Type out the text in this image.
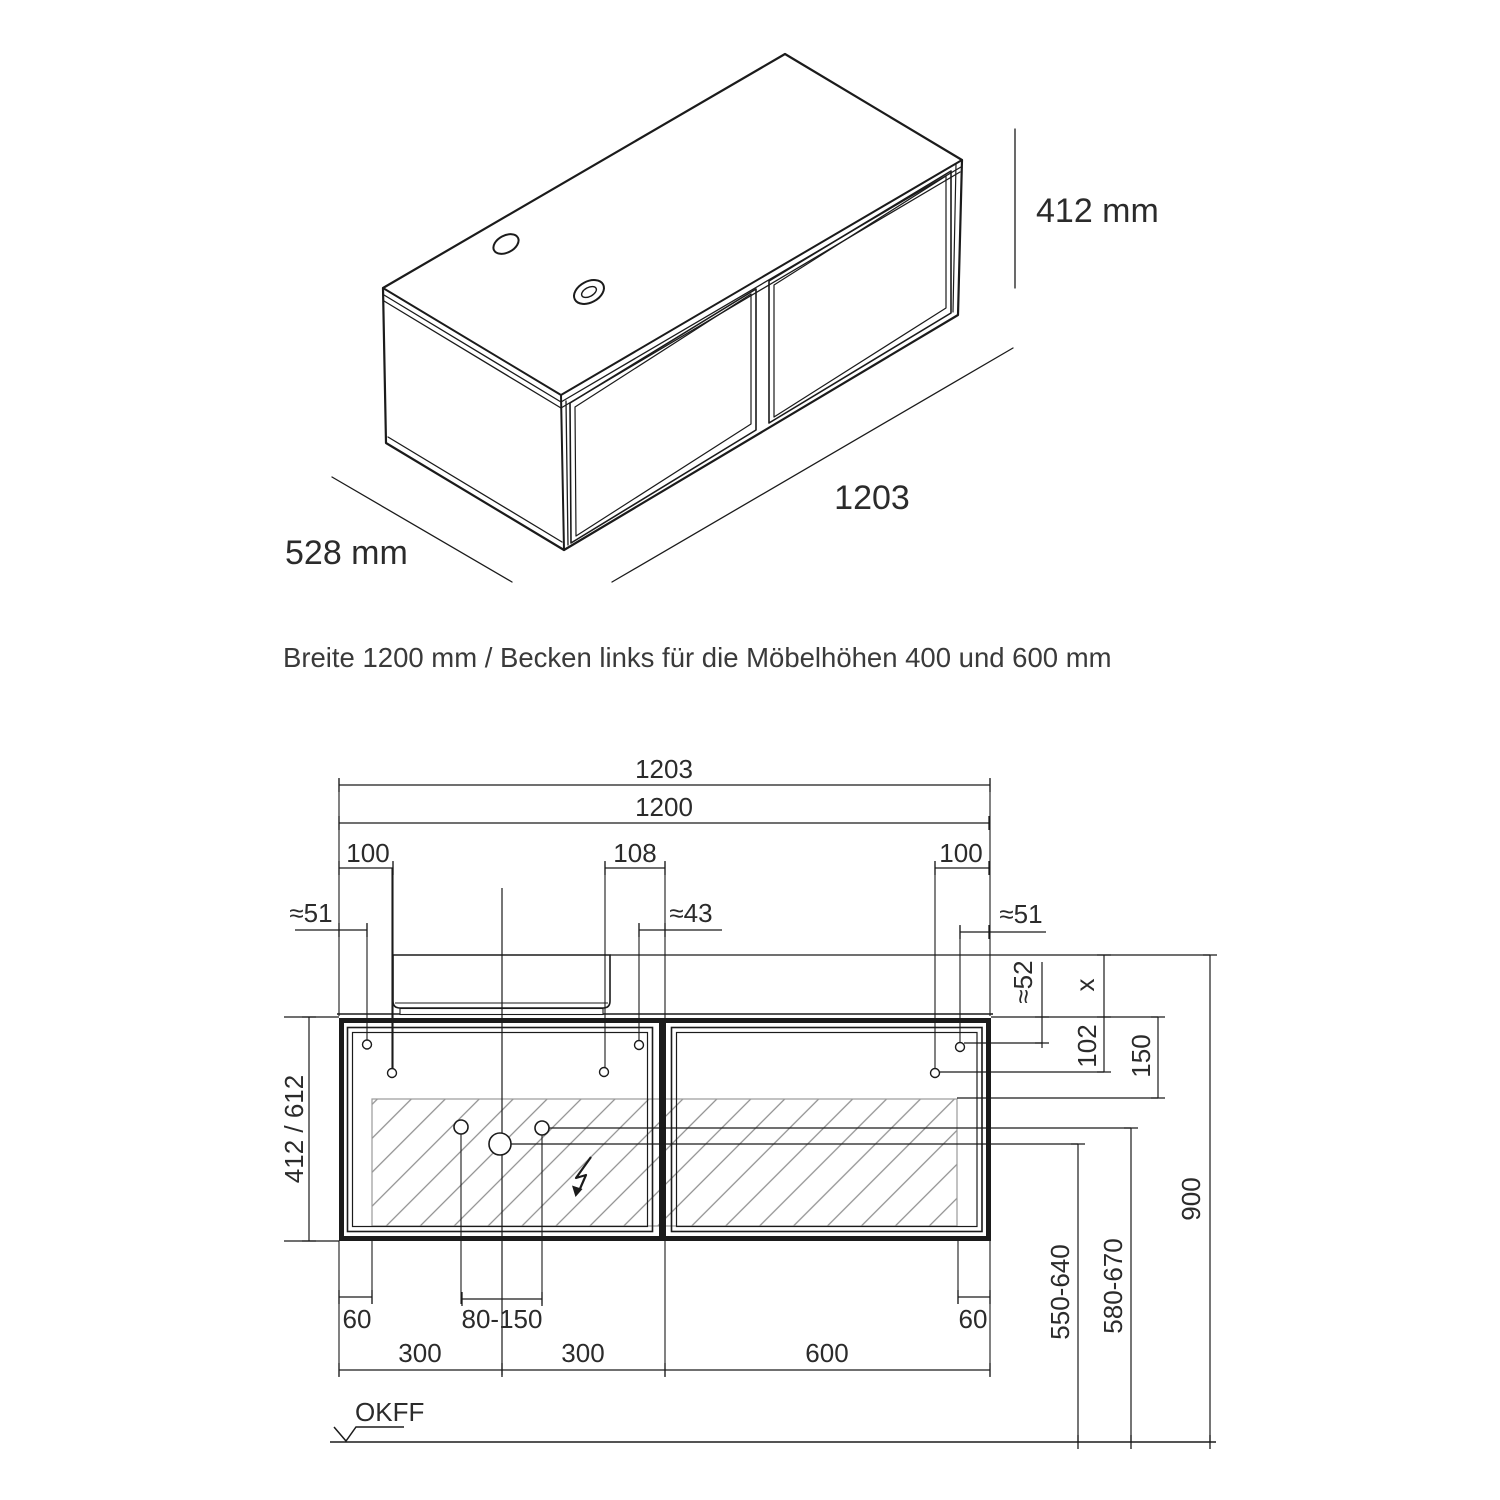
412 mm
1203
528 mm
Breite 1200 mm / Becken links für die Möbelhöhen 400 und 600 mm
1203
1200
100	108	100
≈51	≈43	≈51
≈52 x
102 150
412 / 612
900
550-640 580-670
60	80-150	60
300	300	600
OKFF
